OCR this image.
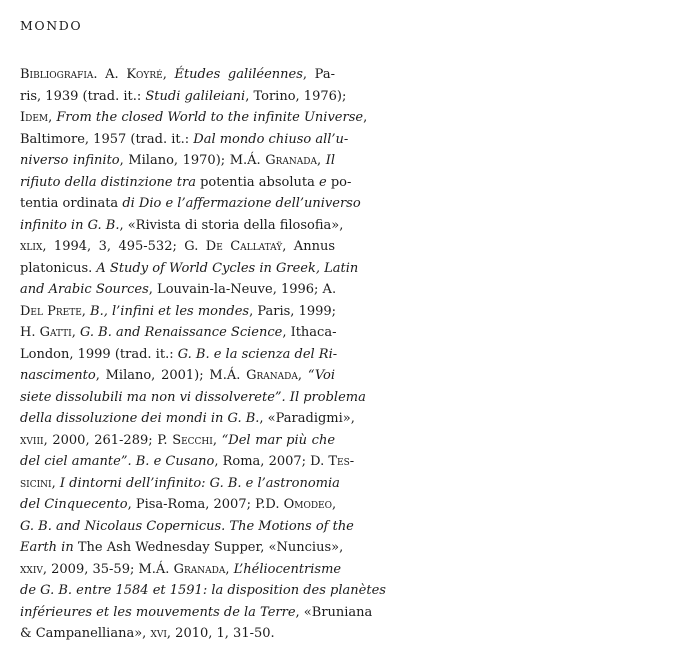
MONDO
Bibliografia. A. Koyré, Études galiléennes, Pa-
ris, 1939 (trad. it.: Studi galileiani, Torino, 1976);
Idem, From the closed World to the infinite Universe,
Baltimore, 1957 (trad. it.: Dal mondo chiuso all’u-
niverso infinito, Milano, 1970); M.Á. Granada, Il
rifiuto della distinzione tra potentia absoluta e po-
tentia ordinata di Dio e l’affermazione dell’universo
infinito in G. B., «Rivista di storia della filosofia»,
xlix, 1994, 3, 495-532; G. De Callataÿ, Annus
platonicus. A Study of World Cycles in Greek, Latin
and Arabic Sources, Louvain-la-Neuve, 1996; A.
Del Prete, B., l’infini et les mondes, Paris, 1999;
H. Gatti, G. B. and Renaissance Science, Ithaca-
London, 1999 (trad. it.: G. B. e la scienza del Ri-
nascimento, Milano, 2001); M.Á. Granada, “Voi
siete dissolubili ma non vi dissolverete”. Il problema
della dissoluzione dei mondi in G. B., «Paradigmi»,
xviii, 2000, 261-289; P. Secchi, “Del mar più che
del ciel amante”. B. e Cusano, Roma, 2007; D. Tes-
sicini, I dintorni dell’infinito: G. B. e l’astronomia
del Cinquecento, Pisa-Roma, 2007; P.D. Omodeo,
G. B. and Nicolaus Copernicus. The Motions of the
Earth in The Ash Wednesday Supper, «Nuncius»,
xxiv, 2009, 35-59; M.Á. Granada, L’héliocentrisme
de G. B. entre 1584 et 1591: la disposition des planètes
inférieures et les mouvements de la Terre, «Bruniana
& Campanelliana», xvi, 2010, 1, 31-50.
